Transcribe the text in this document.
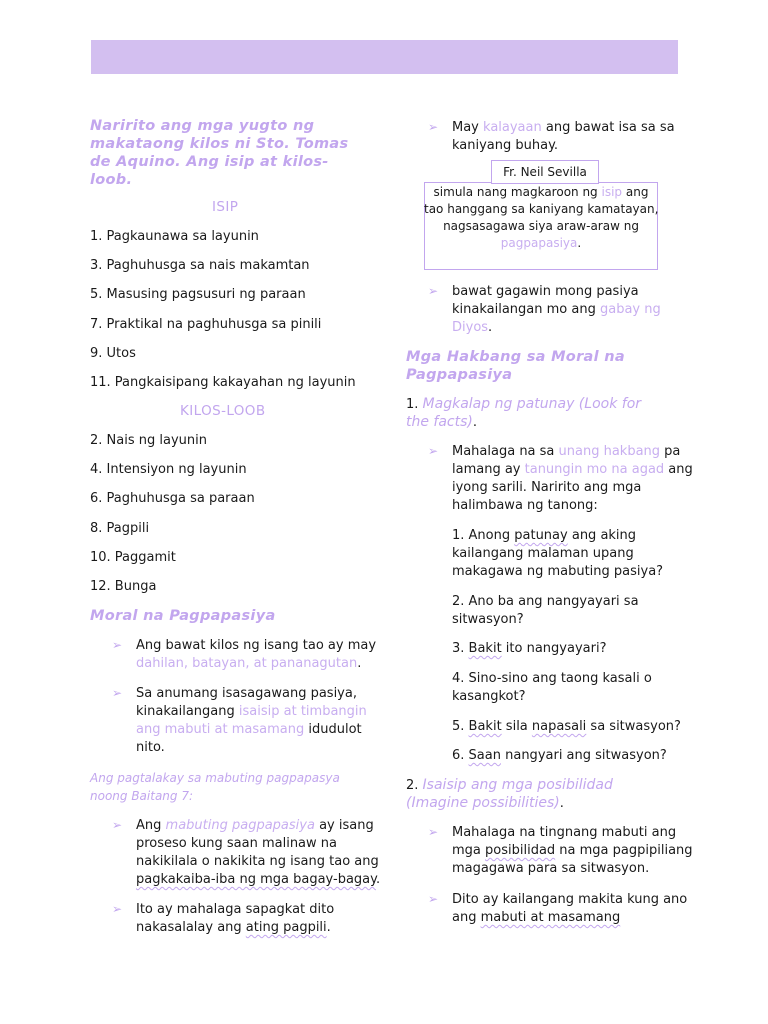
Naririto ang mga yugto ng
makataong kilos ni Sto. Tomas
de Aquino. Ang isip at kilos-
loob.
ISIP
1. Pagkaunawa sa layunin
3. Paghuhusga sa nais makamtan
5. Masusing pagsusuri ng paraan
7. Praktikal na paghuhusga sa pinili
9. Utos
11. Pangkaisipang kakayahan ng layunin
KILOS-LOOB
2. Nais ng layunin
4. Intensiyon ng layunin
6. Paghuhusga sa paraan
8. Pagpili
10. Paggamit
12. Bunga
Moral na Pagpapasiya
➢ Ang bawat kilos ng isang tao ay may
dahilan, batayan, at pananagutan.
➢ Sa anumang isasagawang pasiya,
kinakailangang isaisip at timbangin
ang mabuti at masamang idudulot
nito.
Ang pagtalakay sa mabuting pagpapasya
noong Baitang 7:
➢ Ang mabuting pagpapasiya ay isang
proseso kung saan malinaw na
nakikilala o nakikita ng isang tao ang
pagkakaiba-iba ng mga bagay-bagay.
➢ Ito ay mahalaga sapagkat dito
nakasalalay ang ating pagpili.
➢ May kalayaan ang bawat isa sa sa
kaniyang buhay.
Fr. Neil Sevilla
simula nang magkaroon ng isip ang
tao hanggang sa kaniyang kamatayan,
nagsasagawa siya araw-araw ng
pagpapasiya.
➢ bawat gagawin mong pasiya
kinakailangan mo ang gabay ng
Diyos.
Mga Hakbang sa Moral na
Pagpapasiya
1. Magkalap ng patunay (Look for
the facts).
➢ Mahalaga na sa unang hakbang pa
lamang ay tanungin mo na agad ang
iyong sarili. Naririto ang mga
halimbawa ng tanong:
1. Anong patunay ang aking
kailangang malaman upang
makagawa ng mabuting pasiya?
2. Ano ba ang nangyayari sa
sitwasyon?
3. Bakit ito nangyayari?
4. Sino-sino ang taong kasali o
kasangkot?
5. Bakit sila napasali sa sitwasyon?
6. Saan nangyari ang sitwasyon?
2. Isaisip ang mga posibilidad
(Imagine possibilities).
➢ Mahalaga na tingnang mabuti ang
mga posibilidad na mga pagpipiliang
magagawa para sa sitwasyon.
➢ Dito ay kailangang makita kung ano
ang mabuti at masamang
